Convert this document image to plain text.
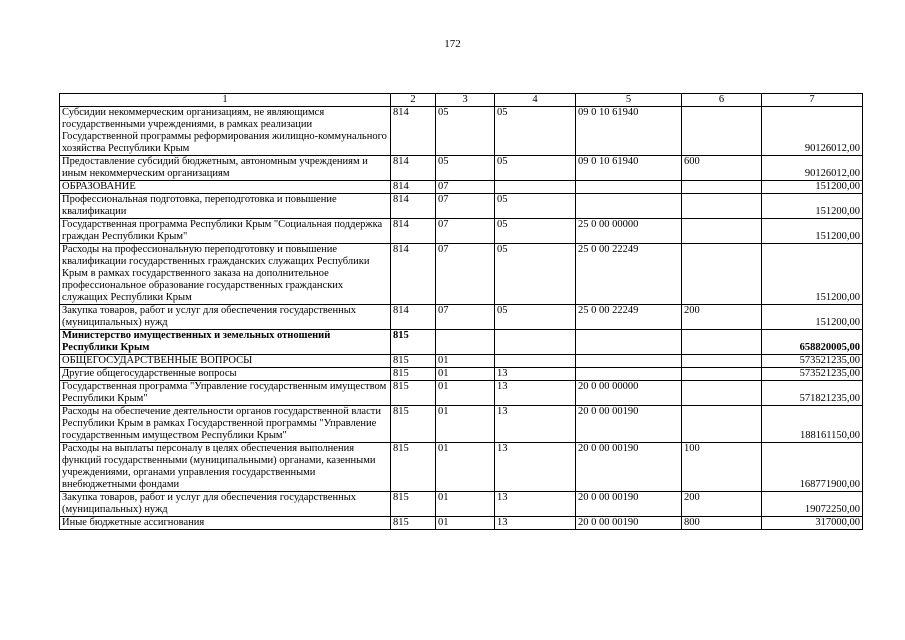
172
1	2	3	4	5	6	7
Субсидии некоммерческим организациям, не являющимся государственными учреждениями, в рамках реализации Государственной программы реформирования жилищно-коммунального хозяйства Республики Крым	814	05	05	09 0 10 61940		90126012,00
Предоставление субсидий бюджетным, автономным учреждениям и иным некоммерческим организациям	814	05	05	09 0 10 61940	600	90126012,00
ОБРАЗОВАНИЕ	814	07				151200,00
Профессиональная подготовка, переподготовка и повышение квалификации	814	07	05			151200,00
Государственная программа Республики Крым "Социальная поддержка граждан Республики Крым"	814	07	05	25 0 00 00000		151200,00
Расходы на профессиональную переподготовку и повышение квалификации государственных гражданских служащих Республики Крым в рамках государственного заказа на дополнительное профессиональное образование государственных гражданских служащих Республики Крым	814	07	05	25 0 00 22249		151200,00
Закупка товаров, работ и услуг для обеспечения государственных (муниципальных) нужд	814	07	05	25 0 00 22249	200	151200,00
Министерство имущественных и земельных отношений Республики Крым	815					658820005,00
ОБЩЕГОСУДАРСТВЕННЫЕ ВОПРОСЫ	815	01				573521235,00
Другие общегосударственные вопросы	815	01	13			573521235,00
Государственная программа "Управление государственным имуществом Республики Крым"	815	01	13	20 0 00 00000		571821235,00
Расходы на обеспечение деятельности органов государственной власти Республики Крым в рамках Государственной программы "Управление государственным имуществом Республики Крым"	815	01	13	20 0 00 00190		188161150,00
Расходы на выплаты персоналу в целях обеспечения выполнения функций государственными (муниципальными) органами, казенными учреждениями, органами управления государственными внебюджетными фондами	815	01	13	20 0 00 00190	100	168771900,00
Закупка товаров, работ и услуг для обеспечения государственных (муниципальных) нужд	815	01	13	20 0 00 00190	200	19072250,00
Иные бюджетные ассигнования	815	01	13	20 0 00 00190	800	317000,00
